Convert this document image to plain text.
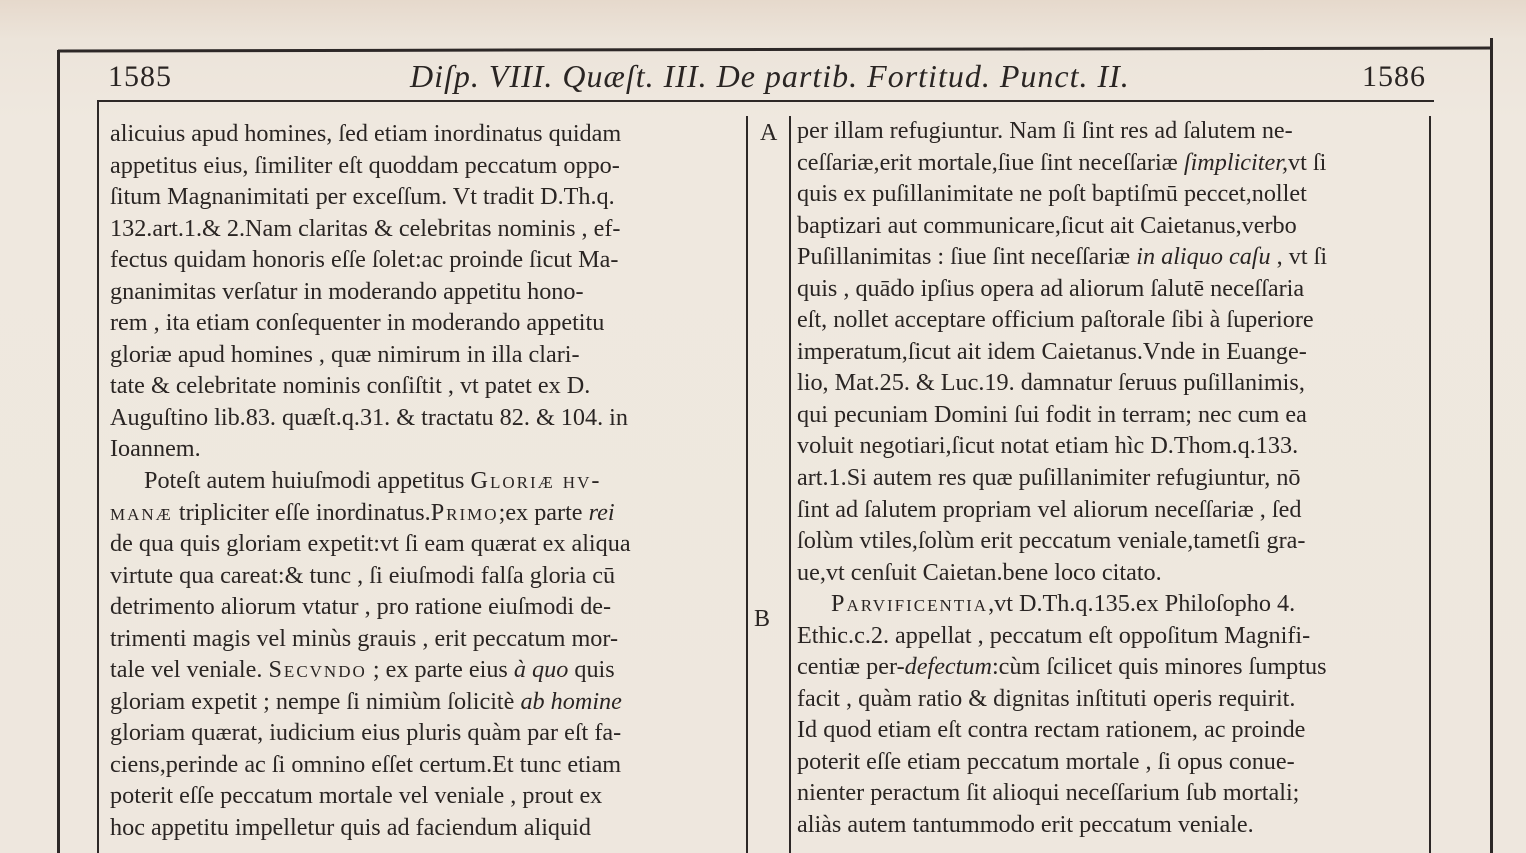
1585	Diſp. VIII. Quæſt. III. De partib. Fortitud. Punct. II.	1586
A
B
alicuius apud homines, ſed etiam inordinatus quidam
appetitus eius, ſimiliter eſt quoddam peccatum oppo-
ſitum Magnanimitati per exceſſum. Vt tradit D.Th.q.
132.art.1.& 2.Nam claritas & celebritas nominis , ef-
fectus quidam honoris eſſe ſolet:ac proinde ſicut Ma-
gnanimitas verſatur in moderando appetitu hono-
rem , ita etiam conſequenter in moderando appetitu
gloriæ apud homines , quæ nimirum in illa clari-
tate & celebritate nominis conſiſtit , vt patet ex D.
Auguſtino lib.83. quæſt.q.31. & tractatu 82. & 104. in
Ioannem.
Poteſt autem huiuſmodi appetitus Gloriæ hv-
manæ tripliciter eſſe inordinatus.Primo;ex parte rei
de qua quis gloriam expetit:vt ſi eam quærat ex aliqua
virtute qua careat:& tunc , ſi eiuſmodi falſa gloria cū
detrimento aliorum vtatur , pro ratione eiuſmodi de-
trimenti magis vel minùs grauis , erit peccatum mor-
tale vel veniale. Secvndo ; ex parte eius à quo quis
gloriam expetit ; nempe ſi nimiùm ſolicitè ab homine
gloriam quærat, iudicium eius pluris quàm par eſt fa-
ciens,perinde ac ſi omnino eſſet certum.Et tunc etiam
poterit eſſe peccatum mortale vel veniale , prout ex
hoc appetitu impelletur quis ad faciendum aliquid
per illam refugiuntur. Nam ſi ſint res ad ſalutem ne-
ceſſariæ,erit mortale,ſiue ſint neceſſariæ ſimpliciter,vt ſi
quis ex puſillanimitate ne poſt baptiſmū peccet,nollet
baptizari aut communicare,ſicut ait Caietanus,verbo
Puſillanimitas : ſiue ſint neceſſariæ in aliquo caſu , vt ſi
quis , quādo ipſius opera ad aliorum ſalutē neceſſaria
eſt, nollet acceptare officium paſtorale ſibi à ſuperiore
imperatum,ſicut ait idem Caietanus.Vnde in Euange-
lio, Mat.25. & Luc.19. damnatur ſeruus puſillanimis,
qui pecuniam Domini ſui fodit in terram; nec cum ea
voluit negotiari,ſicut notat etiam hìc D.Thom.q.133.
art.1.Si autem res quæ puſillanimiter refugiuntur, nō
ſint ad ſalutem propriam vel aliorum neceſſariæ , ſed
ſolùm vtiles,ſolùm erit peccatum veniale,tametſi gra-
ue,vt cenſuit Caietan.bene loco citato.
Parvificentia,vt D.Th.q.135.ex Philoſopho 4.
Ethic.c.2. appellat , peccatum eſt oppoſitum Magnifi-
centiæ per-defectum:cùm ſcilicet quis minores ſumptus
facit , quàm ratio & dignitas inſtituti operis requirit.
Id quod etiam eſt contra rectam rationem, ac proinde
poterit eſſe etiam peccatum mortale , ſi opus conue-
nienter peractum ſit alioqui neceſſarium ſub mortali;
aliàs autem tantummodo erit peccatum veniale.
